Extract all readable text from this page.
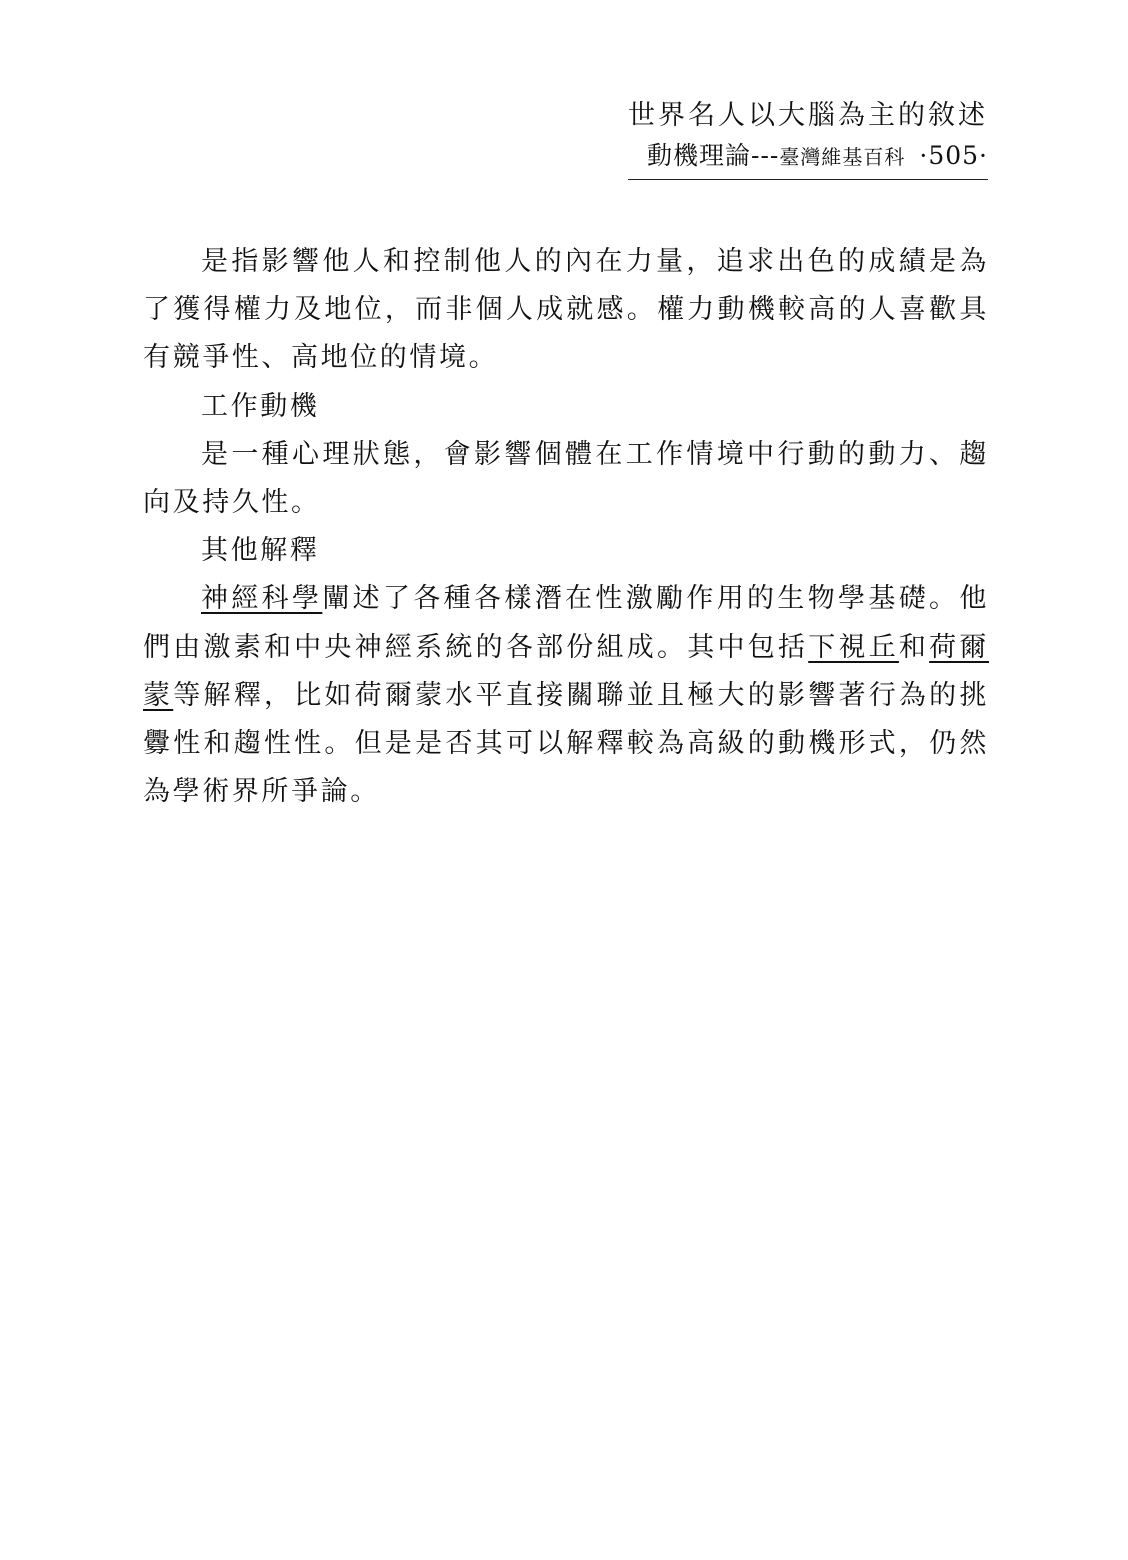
世界名人以大腦為主的敘述
動機理論---臺灣維基百科 ·505·

是指影響他人和控制他人的內在力量，追求出色的成績是為了獲得權力及地位，而非個人成就感。權力動機較高的人喜歡具有競爭性、高地位的情境。

工作動機

是一種心理狀態，會影響個體在工作情境中行動的動力、趨向及持久性。

其他解釋

神經科學闡述了各種各樣潛在性激勵作用的生物學基礎。他們由激素和中央神經系統的各部份組成。其中包括下視丘和荷爾蒙等解釋，比如荷爾蒙水平直接關聯並且極大的影響著行為的挑釁性和趨性性。但是是否其可以解釋較為高級的動機形式，仍然為學術界所爭論。
